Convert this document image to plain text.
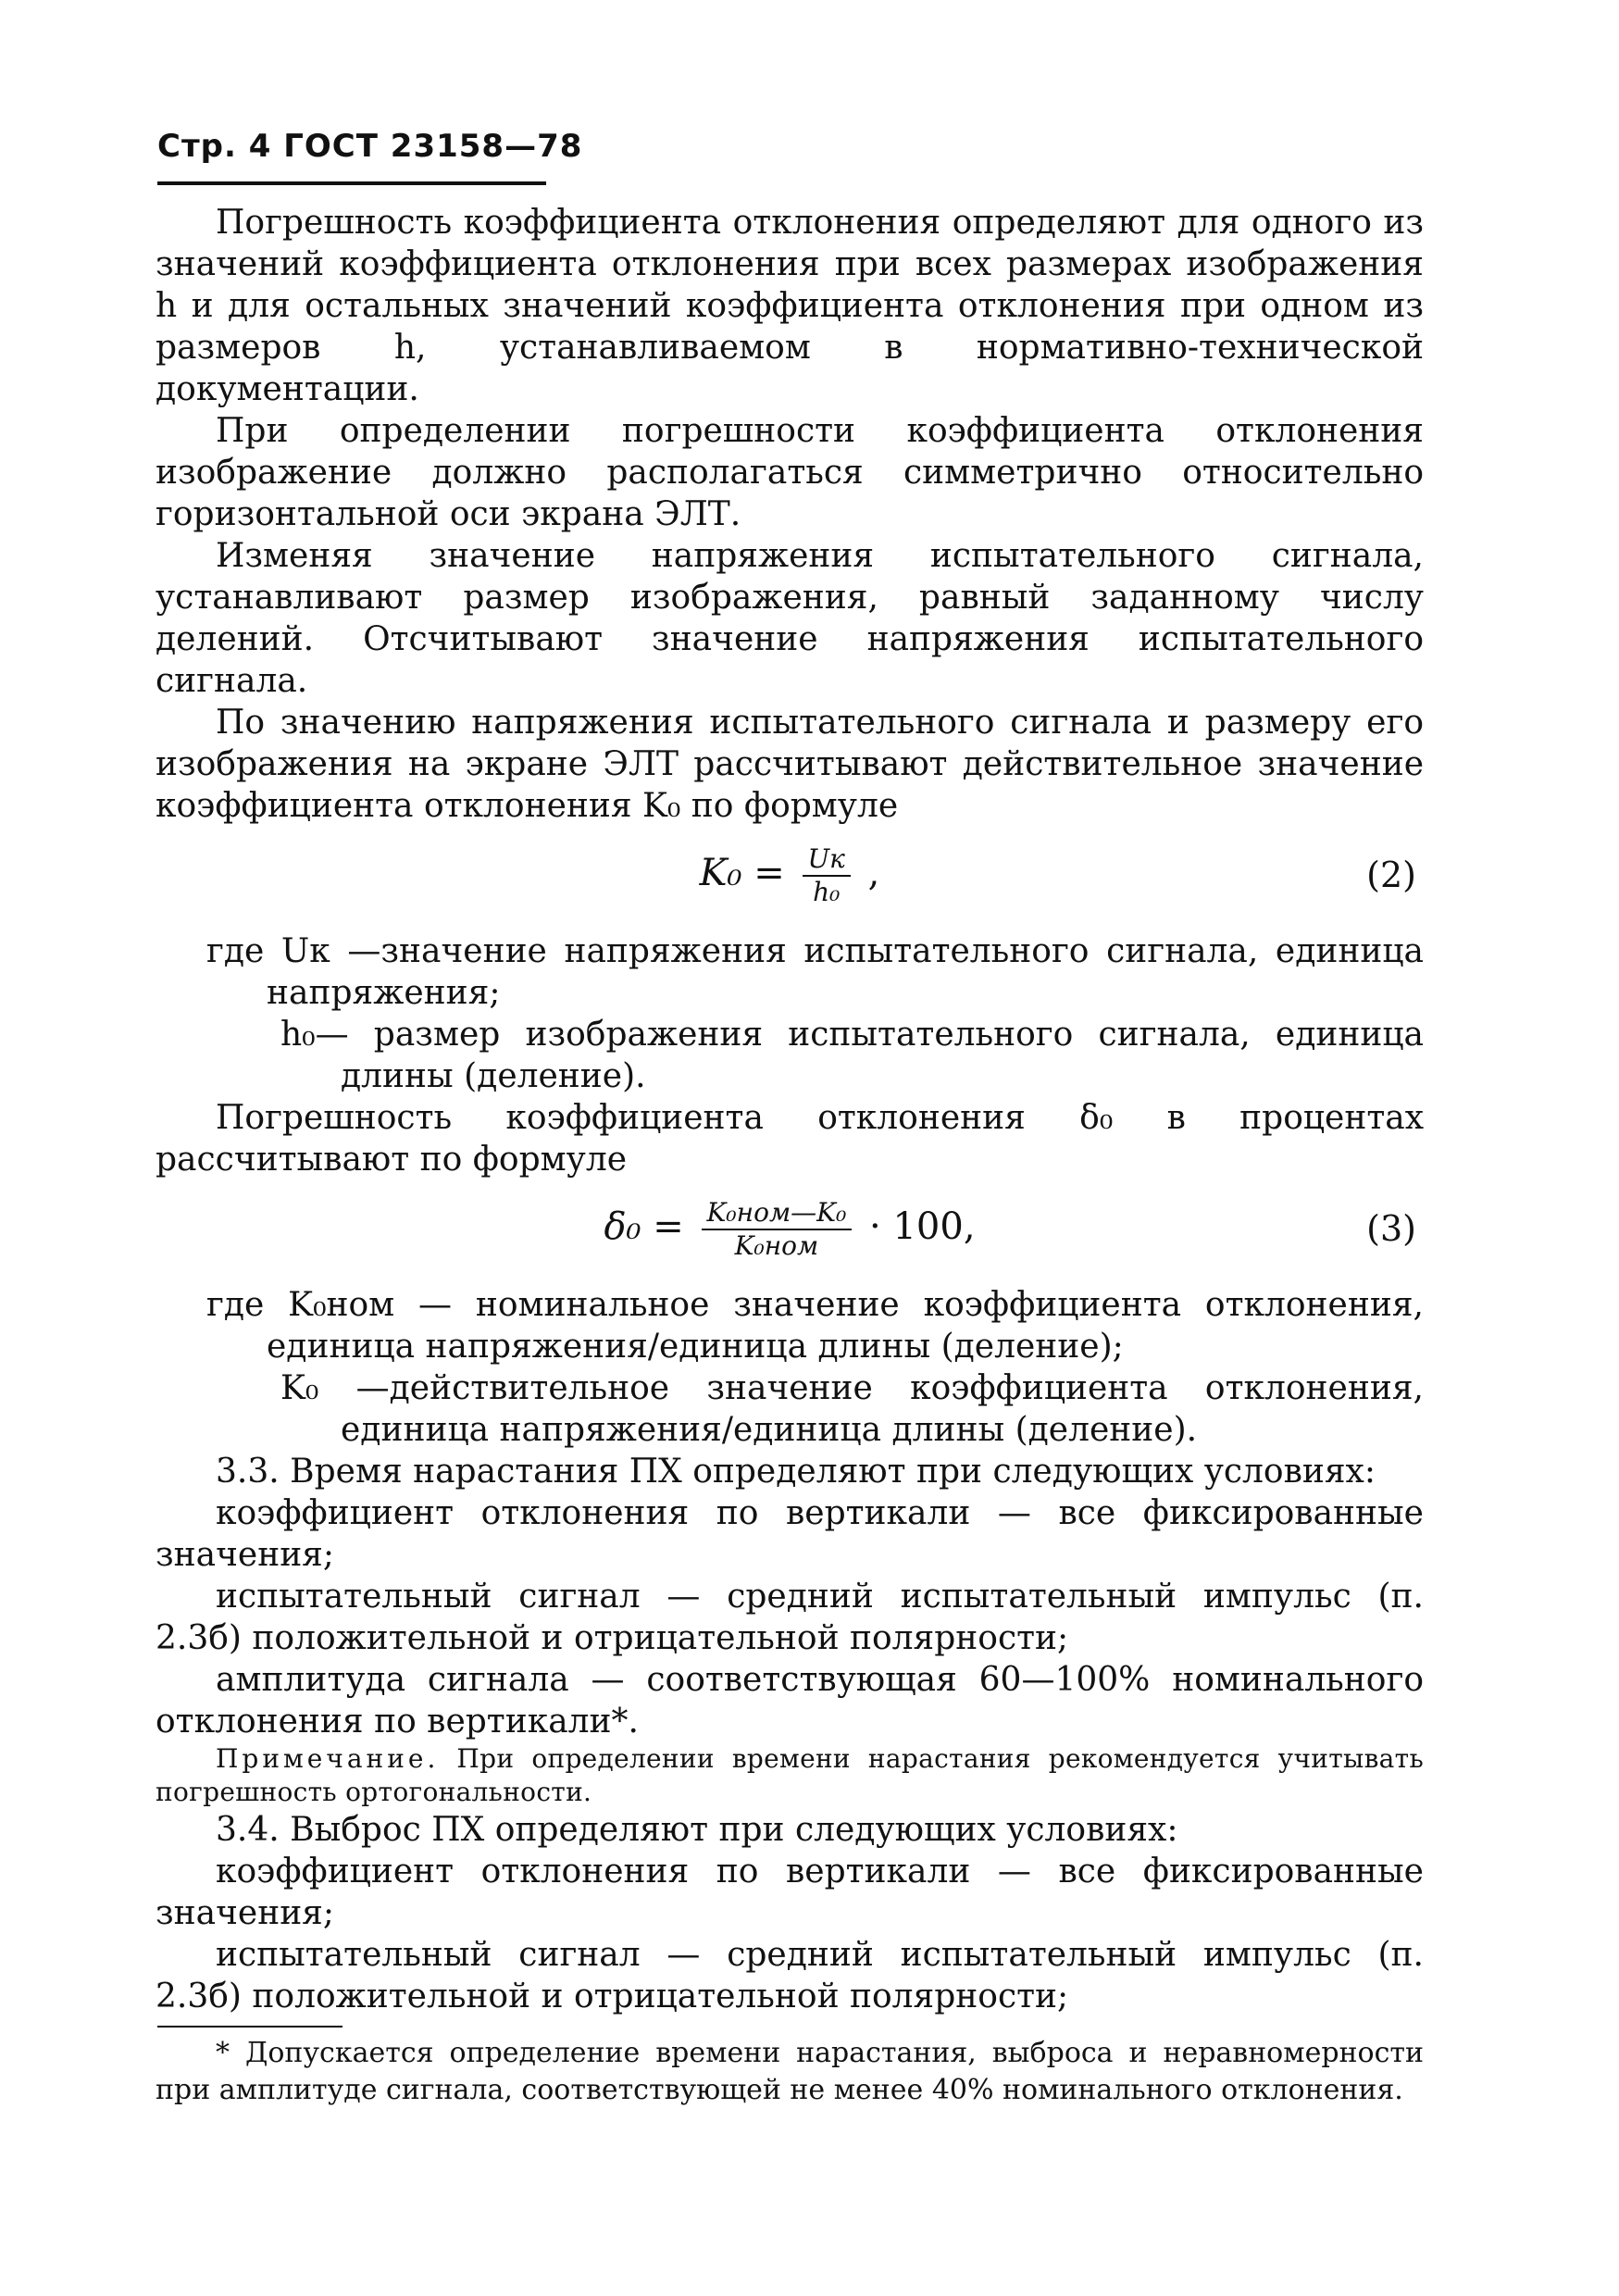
Стр. 4 ГОСТ 23158—78

Погрешность коэффициента отклонения определяют для одного из значений коэффициента отклонения при всех размерах изображения h и для остальных значений коэффициента отклонения при одном из размеров h, устанавливаемом в нормативно-технической документации.

При определении погрешности коэффициента отклонения изображение должно располагаться симметрично относительно горизонтальной оси экрана ЭЛТ.

Изменяя значение напряжения испытательного сигнала, устанавливают размер изображения, равный заданному числу делений. Отсчитывают значение напряжения испытательного сигнала.

По значению напряжения испытательного сигнала и размеру его изображения на экране ЭЛТ рассчитывают действительное значение коэффициента отклонения K₀ по формуле

$K_0 = \frac{Uк}{\text{h₀}}$ ,	(2)

где Uк —значение напряжения испытательного сигнала, единица напряжения;

h₀— размер изображения испытательного сигнала, единица длины (деление).

Погрешность коэффициента отклонения δ₀ в процентах рассчитывают по формуле

$\delta_0 = \frac{\text{K₀ном—K₀}}{\text{K₀ном}} \cdot 100$,	(3)

где K₀ном — номинальное значение коэффициента отклонения, единица напряжения/единица длины (деление);

K₀ —действительное значение коэффициента отклонения, единица напряжения/единица длины (деление).

3.3. Время нарастания ПХ определяют при следующих условиях:

коэффициент отклонения по вертикали — все фиксированные значения;

испытательный сигнал — средний испытательный импульс (п. 2.3б) положительной и отрицательной полярности;

амплитуда сигнала — соответствующая 60—100% номинального отклонения по вертикали*.

Примечание. При определении времени нарастания рекомендуется учитывать погрешность ортогональности.

3.4. Выброс ПХ определяют при следующих условиях:

коэффициент отклонения по вертикали — все фиксированные значения;

испытательный сигнал — средний испытательный импульс (п. 2.3б) положительной и отрицательной полярности;

* Допускается определение времени нарастания, выброса и неравномерности при амплитуде сигнала, соответствующей не менее 40% номинального отклонения.
